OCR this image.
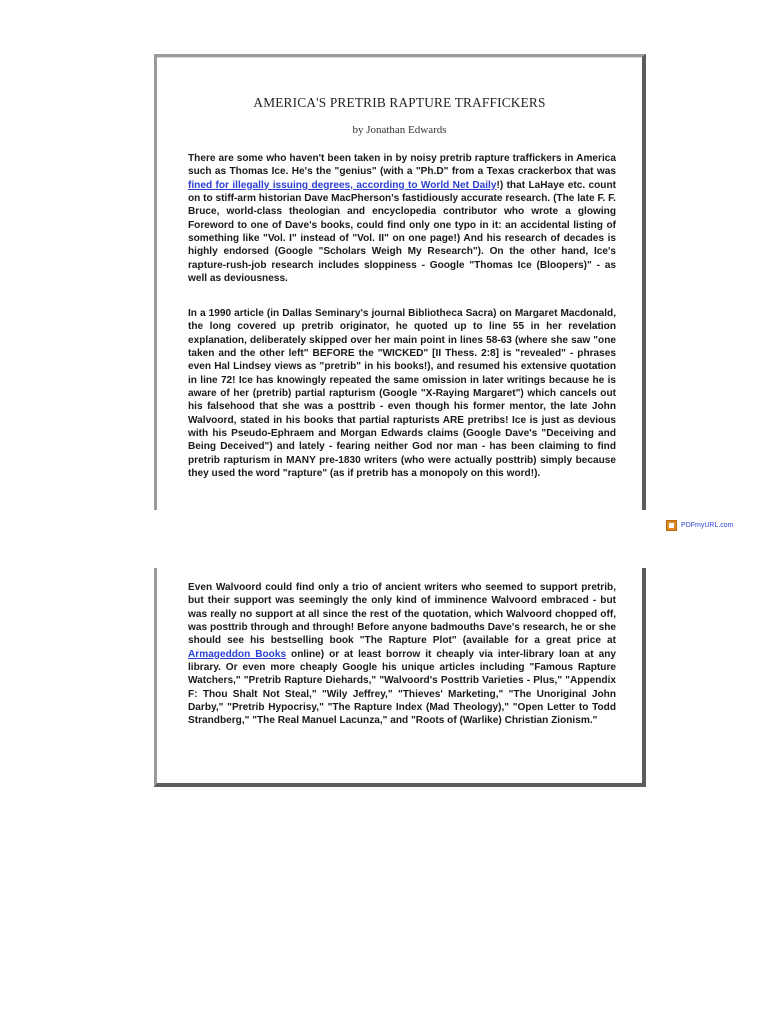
AMERICA'S PRETRIB RAPTURE TRAFFICKERS
by Jonathan Edwards

There are some who haven't been taken in by noisy pretrib rapture traffickers in America such as Thomas Ice. He's the "genius" (with a "Ph.D" from a Texas crackerbox that was fined for illegally issuing degrees, according to World Net Daily!) that LaHaye etc. count on to stiff-arm historian Dave MacPherson's fastidiously accurate research. (The late F. F. Bruce, world-class theologian and encyclopedia contributor who wrote a glowing Foreword to one of Dave's books, could find only one typo in it: an accidental listing of something like "Vol. I" instead of "Vol. II" on one page!) And his research of decades is highly endorsed (Google "Scholars Weigh My Research"). On the other hand, Ice's rapture-rush-job research includes sloppiness - Google "Thomas Ice (Bloopers)" - as well as deviousness.

In a 1990 article (in Dallas Seminary's journal Bibliotheca Sacra) on Margaret Macdonald, the long covered up pretrib originator, he quoted up to line 55 in her revelation explanation, deliberately skipped over her main point in lines 58-63 (where she saw "one taken and the other left" BEFORE the "WICKED" [II Thess. 2:8] is "revealed" - phrases even Hal Lindsey views as "pretrib" in his books!), and resumed his extensive quotation in line 72! Ice has knowingly repeated the same omission in later writings because he is aware of her (pretrib) partial rapturism (Google "X-Raying Margaret") which cancels out his falsehood that she was a posttrib - even though his former mentor, the late John Walvoord, stated in his books that partial rapturists ARE pretribs! Ice is just as devious with his Pseudo-Ephraem and Morgan Edwards claims (Google Dave's "Deceiving and Being Deceived") and lately - fearing neither God nor man - has been claiming to find pretrib rapturism in MANY pre-1830 writers (who were actually posttrib) simply because they used the word "rapture" (as if pretrib has a monopoly on this word!).

PDFmyURL.com

Even Walvoord could find only a trio of ancient writers who seemed to support pretrib, but their support was seemingly the only kind of imminence Walvoord embraced - but was really no support at all since the rest of the quotation, which Walvoord chopped off, was posttrib through and through! Before anyone badmouths Dave's research, he or she should see his bestselling book "The Rapture Plot" (available for a great price at Armageddon Books online) or at least borrow it cheaply via inter-library loan at any library. Or even more cheaply Google his unique articles including "Famous Rapture Watchers," "Pretrib Rapture Diehards," "Walvoord's Posttrib Varieties - Plus," "Appendix F: Thou Shalt Not Steal," "Wily Jeffrey," "Thieves' Marketing," "The Unoriginal John Darby," "Pretrib Hypocrisy," "The Rapture Index (Mad Theology)," "Open Letter to Todd Strandberg," "The Real Manuel Lacunza," and "Roots of (Warlike) Christian Zionism."
